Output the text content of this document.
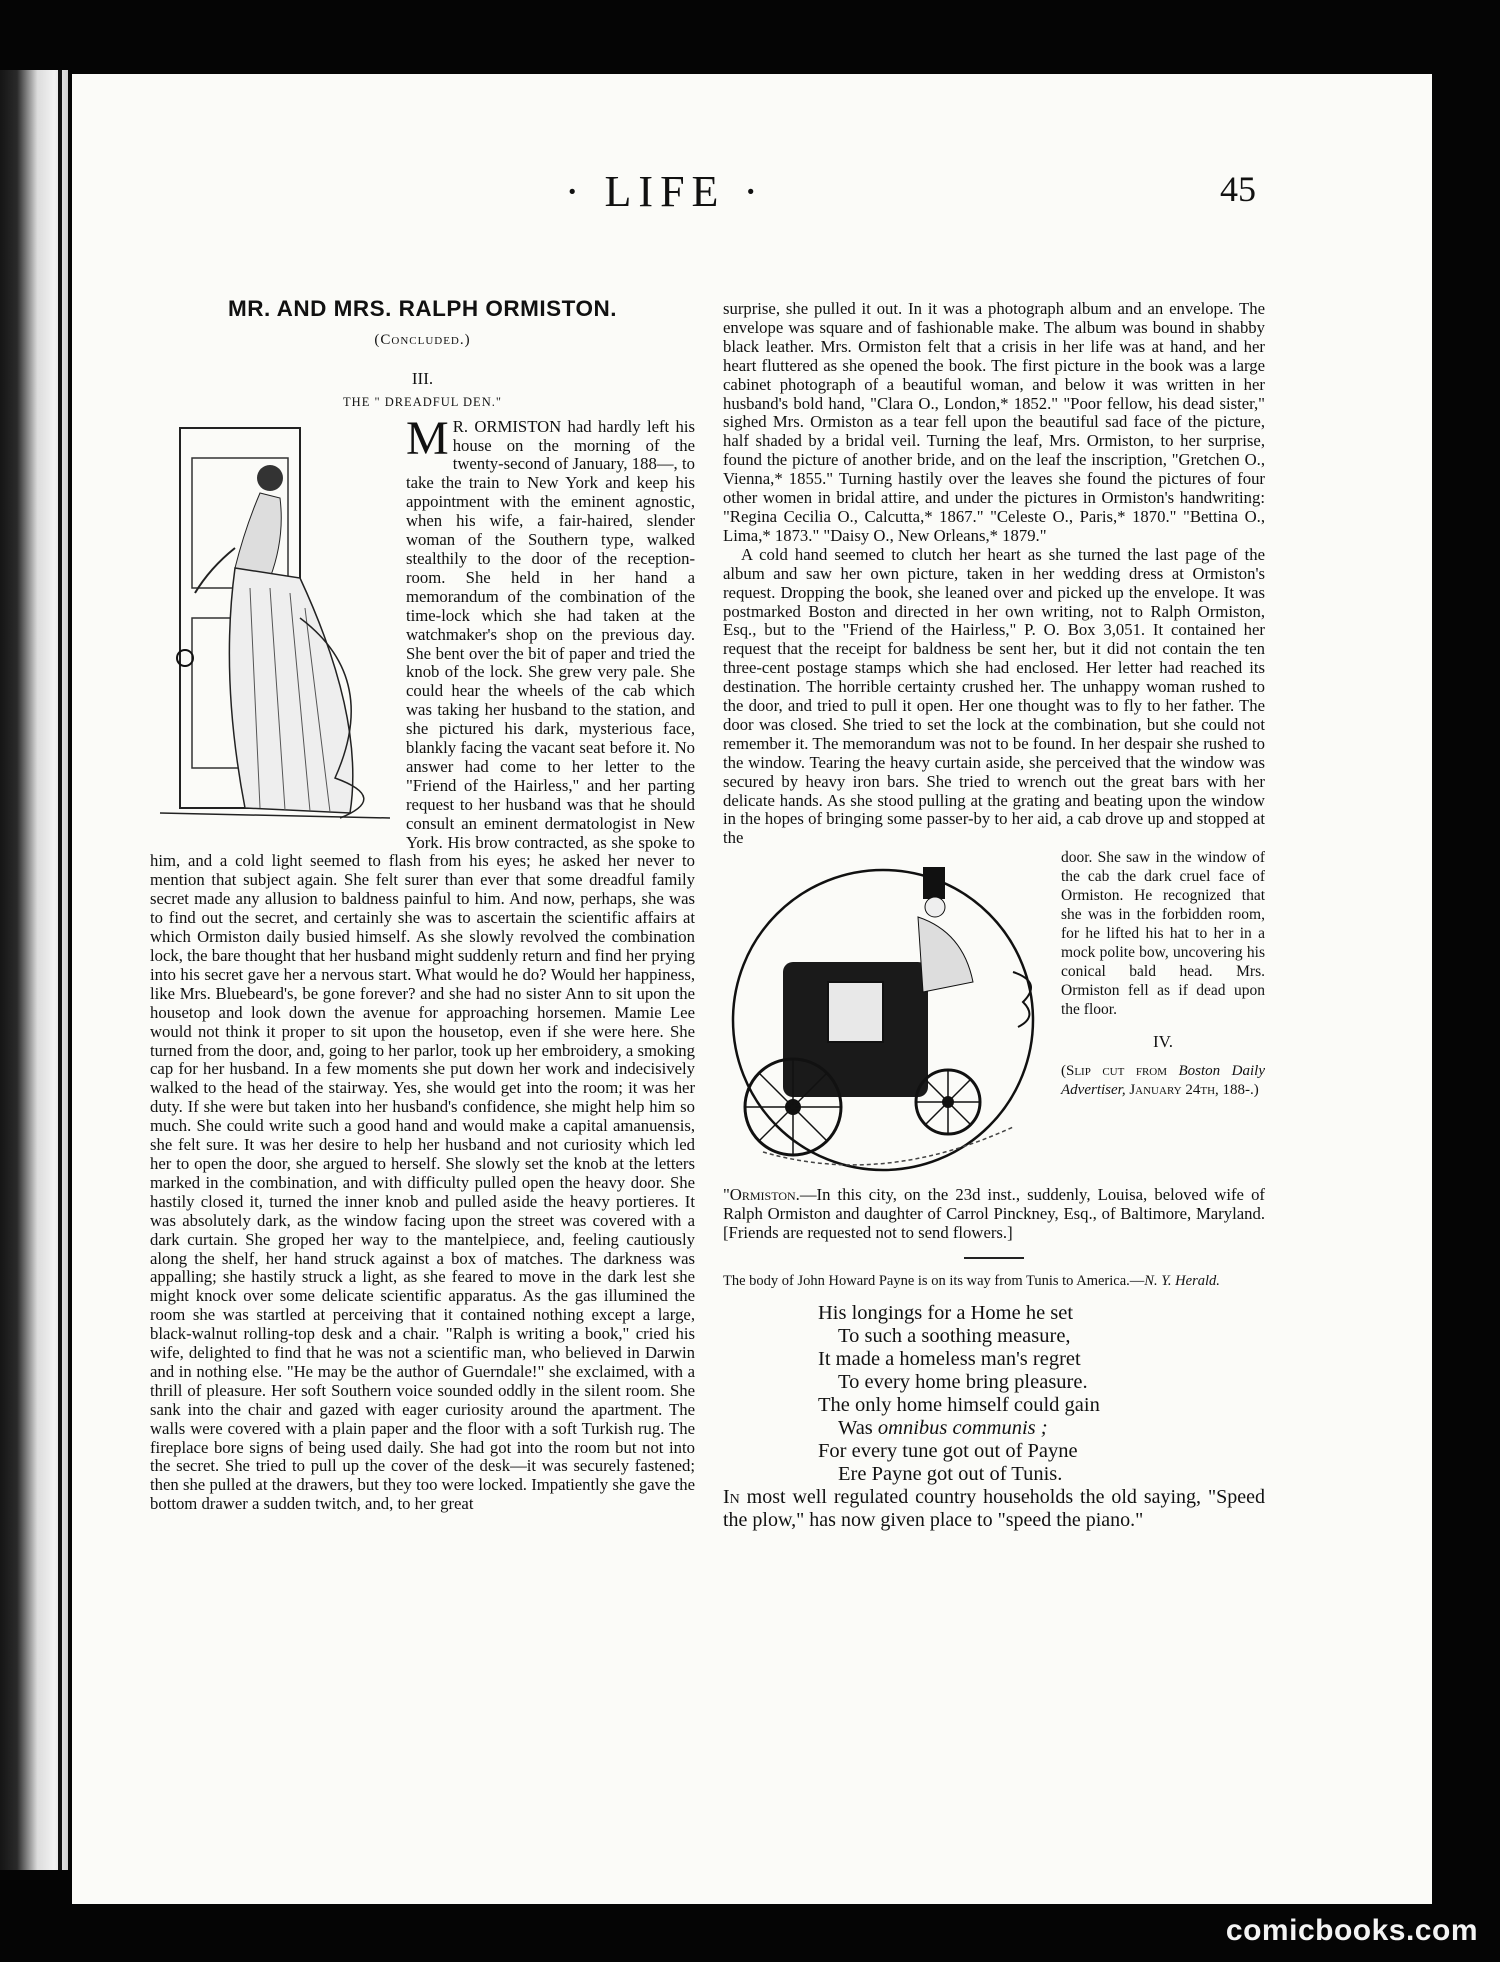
· LIFE ·	45
MR. AND MRS. RALPH ORMISTON.
(Concluded.)
III.
THE " DREADFUL DEN."

M R. ORMISTON had hardly left his house on the morning of the twenty-second of January, 188—, to take the train to New York and keep his appointment with the eminent agnostic, when his wife, a fair-haired, slender woman of the Southern type, walked stealthily to the door of the reception-room. She held in her hand a memorandum of the combination of the time-lock which she had taken at the watchmaker's shop on the previous day. She bent over the bit of paper and tried the knob of the lock. She grew very pale. She could hear the wheels of the cab which was taking her husband to the station, and she pictured his dark, mysterious face, blankly facing the vacant seat before it. No answer had come to her letter to the "Friend of the Hairless," and her parting request to her husband was that he should consult an eminent dermatologist in New York. His brow contracted, as she spoke to him, and a cold light seemed to flash from his eyes; he asked her never to mention that subject again. She felt surer than ever that some dreadful family secret made any allusion to baldness painful to him. And now, perhaps, she was to find out the secret, and certainly she was to ascertain the scientific affairs at which Ormiston daily busied himself. As she slowly revolved the combination lock, the bare thought that her husband might suddenly return and find her prying into his secret gave her a nervous start. What would he do? Would her happiness, like Mrs. Bluebeard's, be gone forever? and she had no sister Ann to sit upon the housetop and look down the avenue for approaching horsemen. Mamie Lee would not think it proper to sit upon the housetop, even if she were here. She turned from the door, and, going to her parlor, took up her embroidery, a smoking cap for her husband. In a few moments she put down her work and indecisively walked to the head of the stairway. Yes, she would get into the room; it was her duty. If she were but taken into her husband's confidence, she might help him so much. She could write such a good hand and would make a capital amanuensis, she felt sure. It was her desire to help her husband and not curiosity which led her to open the door, she argued to herself. She slowly set the knob at the letters marked in the combination, and with difficulty pulled open the heavy door. She hastily closed it, turned the inner knob and pulled aside the heavy portieres. It was absolutely dark, as the window facing upon the street was covered with a dark curtain. She groped her way to the mantelpiece, and, feeling cautiously along the shelf, her hand struck against a box of matches. The darkness was appalling; she hastily struck a light, as she feared to move in the dark lest she might knock over some delicate scientific apparatus. As the gas illumined the room she was startled at perceiving that it contained nothing except a large, black-walnut rolling-top desk and a chair. "Ralph is writing a book," cried his wife, delighted to find that he was not a scientific man, who believed in Darwin and in nothing else. "He may be the author of Guerndale!" she exclaimed, with a thrill of pleasure. Her soft Southern voice sounded oddly in the silent room. She sank into the chair and gazed with eager curiosity around the apartment. The walls were covered with a plain paper and the floor with a soft Turkish rug. The fireplace bore signs of being used daily. She had got into the room but not into the secret. She tried to pull up the cover of the desk—it was securely fastened; then she pulled at the drawers, but they too were locked. Impatiently she gave the bottom drawer a sudden twitch, and, to her great

surprise, she pulled it out. In it was a photograph album and an envelope. The envelope was square and of fashionable make. The album was bound in shabby black leather. Mrs. Ormiston felt that a crisis in her life was at hand, and her heart fluttered as she opened the book. The first picture in the book was a large cabinet photograph of a beautiful woman, and below it was written in her husband's bold hand, "Clara O., London,* 1852." "Poor fellow, his dead sister," sighed Mrs. Ormiston as a tear fell upon the beautiful sad face of the picture, half shaded by a bridal veil. Turning the leaf, Mrs. Ormiston, to her surprise, found the picture of another bride, and on the leaf the inscription, "Gretchen O., Vienna,* 1855." Turning hastily over the leaves she found the pictures of four other women in bridal attire, and under the pictures in Ormiston's handwriting: "Regina Cecilia O., Calcutta,* 1867." "Celeste O., Paris,* 1870." "Bettina O., Lima,* 1873." "Daisy O., New Orleans,* 1879."

A cold hand seemed to clutch her heart as she turned the last page of the album and saw her own picture, taken in her wedding dress at Ormiston's request. Dropping the book, she leaned over and picked up the envelope. It was postmarked Boston and directed in her own writing, not to Ralph Ormiston, Esq., but to the "Friend of the Hairless," P. O. Box 3,051. It contained her request that the receipt for baldness be sent her, but it did not contain the ten three-cent postage stamps which she had enclosed. Her letter had reached its destination. The horrible certainty crushed her. The unhappy woman rushed to the door, and tried to pull it open. Her one thought was to fly to her father. The door was closed. She tried to set the lock at the combination, but she could not remember it. The memorandum was not to be found. In her despair she rushed to the window. Tearing the heavy curtain aside, she perceived that the window was secured by heavy iron bars. She tried to wrench out the great bars with her delicate hands. As she stood pulling at the grating and beating upon the window in the hopes of bringing some passer-by to her aid, a cab drove up and stopped at the

door. She saw in the window of the cab the dark cruel face of Ormiston. He recognized that she was in the forbidden room, for he lifted his hat to her in a mock polite bow, uncovering his conical bald head. Mrs. Ormiston fell as if dead upon the floor.

IV.
(Slip cut from Boston Daily Advertiser, January 24th, 188-.)

"Ormiston.—In this city, on the 23d inst., suddenly, Louisa, beloved wife of Ralph Ormiston and daughter of Carrol Pinckney, Esq., of Baltimore, Maryland. [Friends are requested not to send flowers.]

The body of John Howard Payne is on its way from Tunis to America.—N. Y. Herald.

His longings for a Home he set
To such a soothing measure,
It made a homeless man's regret
To every home bring pleasure.
The only home himself could gain
Was omnibus communis ;
For every tune got out of Payne
Ere Payne got out of Tunis.

In most well regulated country households the old saying, "Speed the plow," has now given place to "speed the piano."

comicbooks.com
